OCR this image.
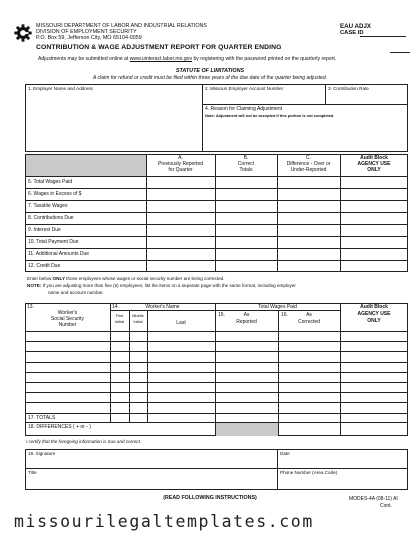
MISSOURI DEPARTMENT OF LABOR AND INDUSTRIAL RELATIONS
DIVISION OF EMPLOYMENT SECURITY
P.O. Box 59, Jefferson City, MO 65104-0059
EAU ADJX
CASE ID
CONTRIBUTION & WAGE ADJUSTMENT REPORT FOR QUARTER ENDING
Adjustments may be submitted online at www.uinteract.labor.mo.gov by registering with the password printed on the quarterly report.
STATUTE OF LIMITATIONS
A claim for refund or credit must be filed within three years of the due date of the quarter being adjusted.
1. Employer Name and Address	2. Missouri Employer Account Number	3. Contribution Rate
4. Reason for Claiming Adjustment
Note: Adjustment will not be accepted if this portion is not completed.
A.
Previously Reported
for Quarter
B.
Correct
Totals
C.
Difference - Over or
Under-Reported
Audit Block
AGENCY USE
ONLY
5. Total Wages Paid
6. Wages in Excess of $
7. Taxable Wages
8. Contributions Due
9. Interest Due
10. Total Payment Due
11. Additional Amounts Due
12. Credit Due
Enter below ONLY those employees whose wages or social security number are being corrected.
NOTE: If you are adjusting more than five (5) employees, list the items on a separate page with the same format, including employer
name and account number.
13.
Worker's
Social Security
Number
14.	Worker's Name
First
Initial
Middle
Initial	Last
Total Wages Paid
15.	As
Reported
16.	As
Corrected
Audit Block
AGENCY USE
ONLY
17. TOTALS
18. DIFFERENCES ( + or - )
I certify that the foregoing information is true and correct.
19. Signature	Date
Title	Phone Number (Area Code)
(READ FOLLOWING INSTRUCTIONS)	MODES-4A (08-11) AI
Cont.
missourilegaltemplates.com
